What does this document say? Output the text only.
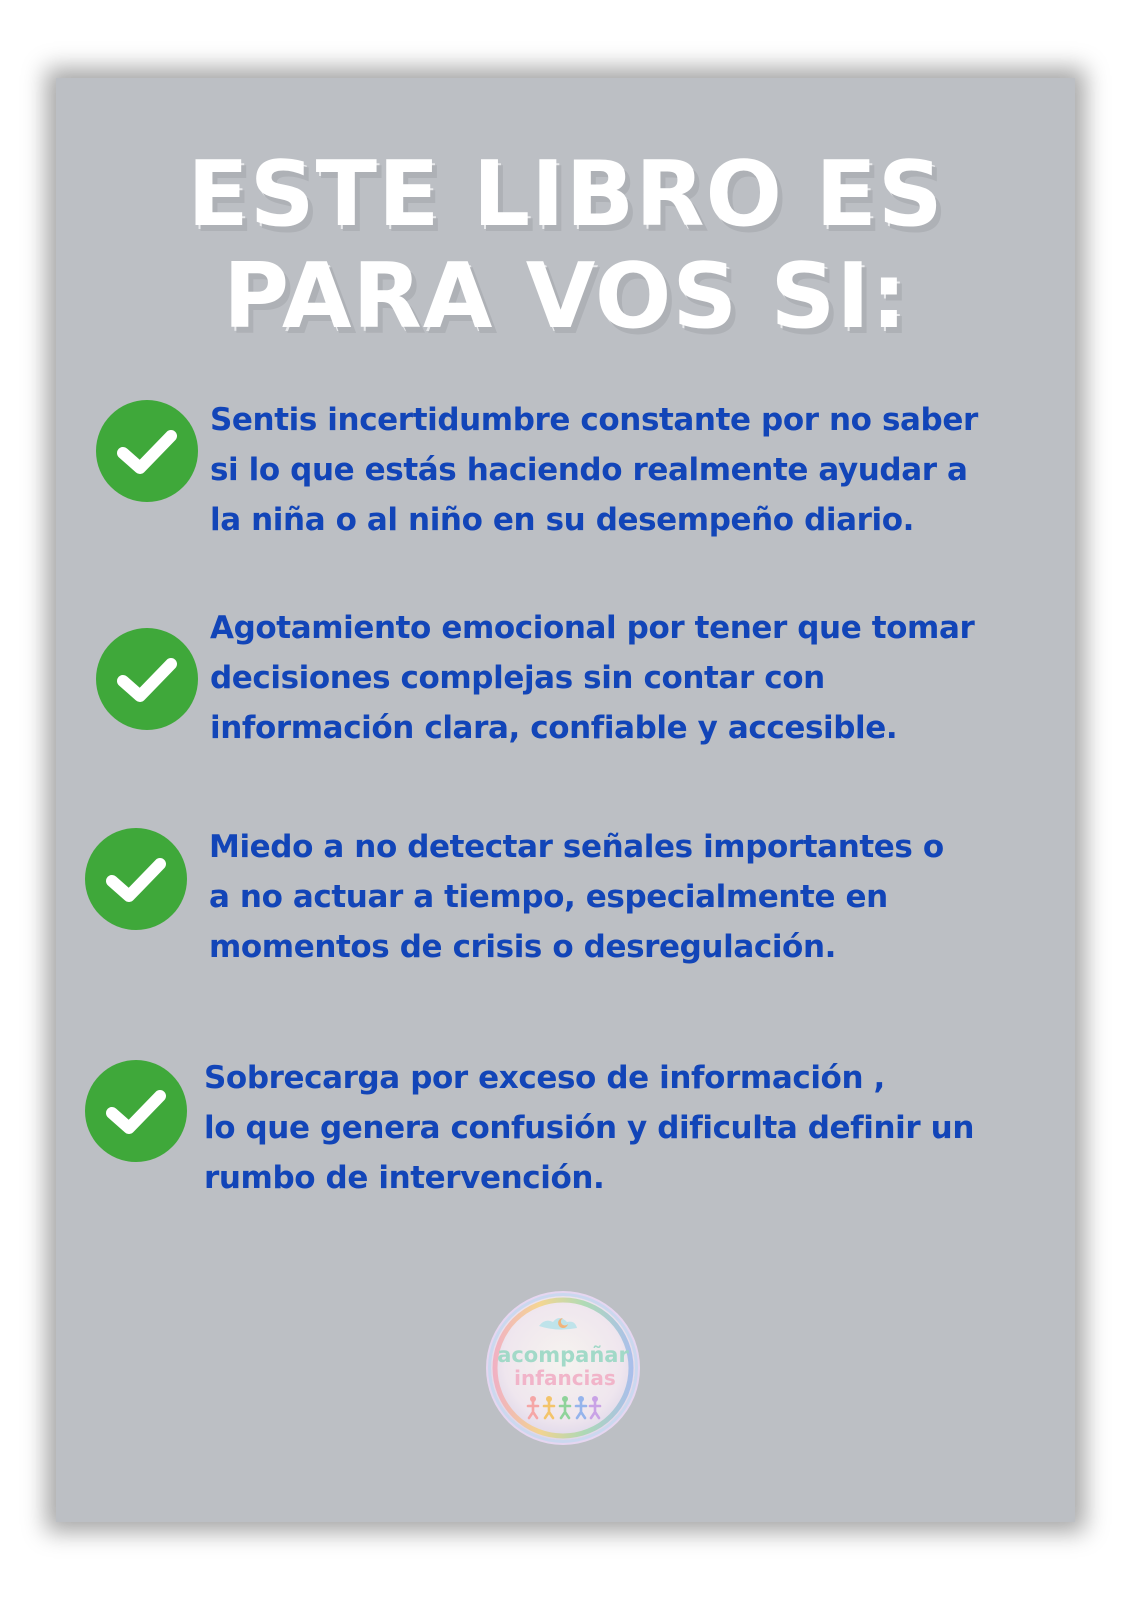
ESTE LIBRO ES
PARA VOS SI:

Sentis incertidumbre constante por no saber
si lo que estás haciendo realmente ayudar a
la niña o al niño en su desempeño diario.

Agotamiento emocional por tener que tomar
decisiones complejas sin contar con
información clara, confiable y accesible.

Miedo a no detectar señales importantes o
a no actuar a tiempo, especialmente en
momentos de crisis o desregulación.

Sobrecarga por exceso de información ,
lo que genera confusión y dificulta definir un
rumbo de intervención.

acompañar
infancias
